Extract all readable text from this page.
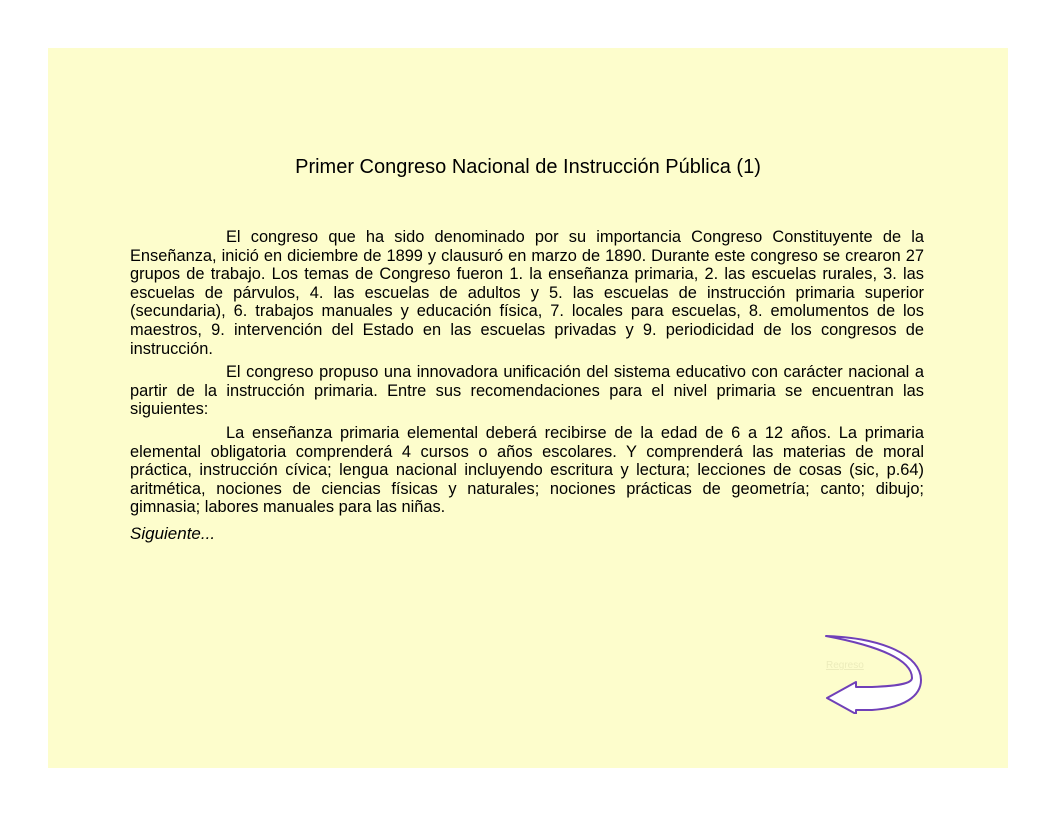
Primer Congreso Nacional de Instrucción Pública (1)

El congreso que ha sido denominado por su importancia Congreso Constituyente de la Enseñanza, inició en diciembre de 1899 y clausuró en marzo de 1890. Durante este congreso se crearon 27 grupos de trabajo. Los temas de Congreso fueron 1. la enseñanza primaria, 2. las escuelas rurales, 3. las escuelas de párvulos, 4. las escuelas de adultos y 5. las escuelas de instrucción primaria superior (secundaria), 6. trabajos manuales y educación física, 7. locales para escuelas, 8. emolumentos de los maestros, 9. intervención del Estado en las escuelas privadas y 9. periodicidad de los congresos de instrucción.

El congreso propuso una innovadora unificación del sistema educativo con carácter nacional a partir de la instrucción primaria. Entre sus recomendaciones para el nivel primaria se encuentran las siguientes:

La enseñanza primaria elemental deberá recibirse de la edad de 6 a 12 años. La primaria elemental obligatoria comprenderá 4 cursos o años escolares. Y comprenderá las materias de moral práctica, instrucción cívica; lengua nacional incluyendo escritura y lectura; lecciones de cosas (sic, p.64) aritmética, nociones de ciencias físicas y naturales; nociones prácticas de geometría; canto; dibujo; gimnasia; labores manuales para las niñas.

Siguiente...
Regreso
